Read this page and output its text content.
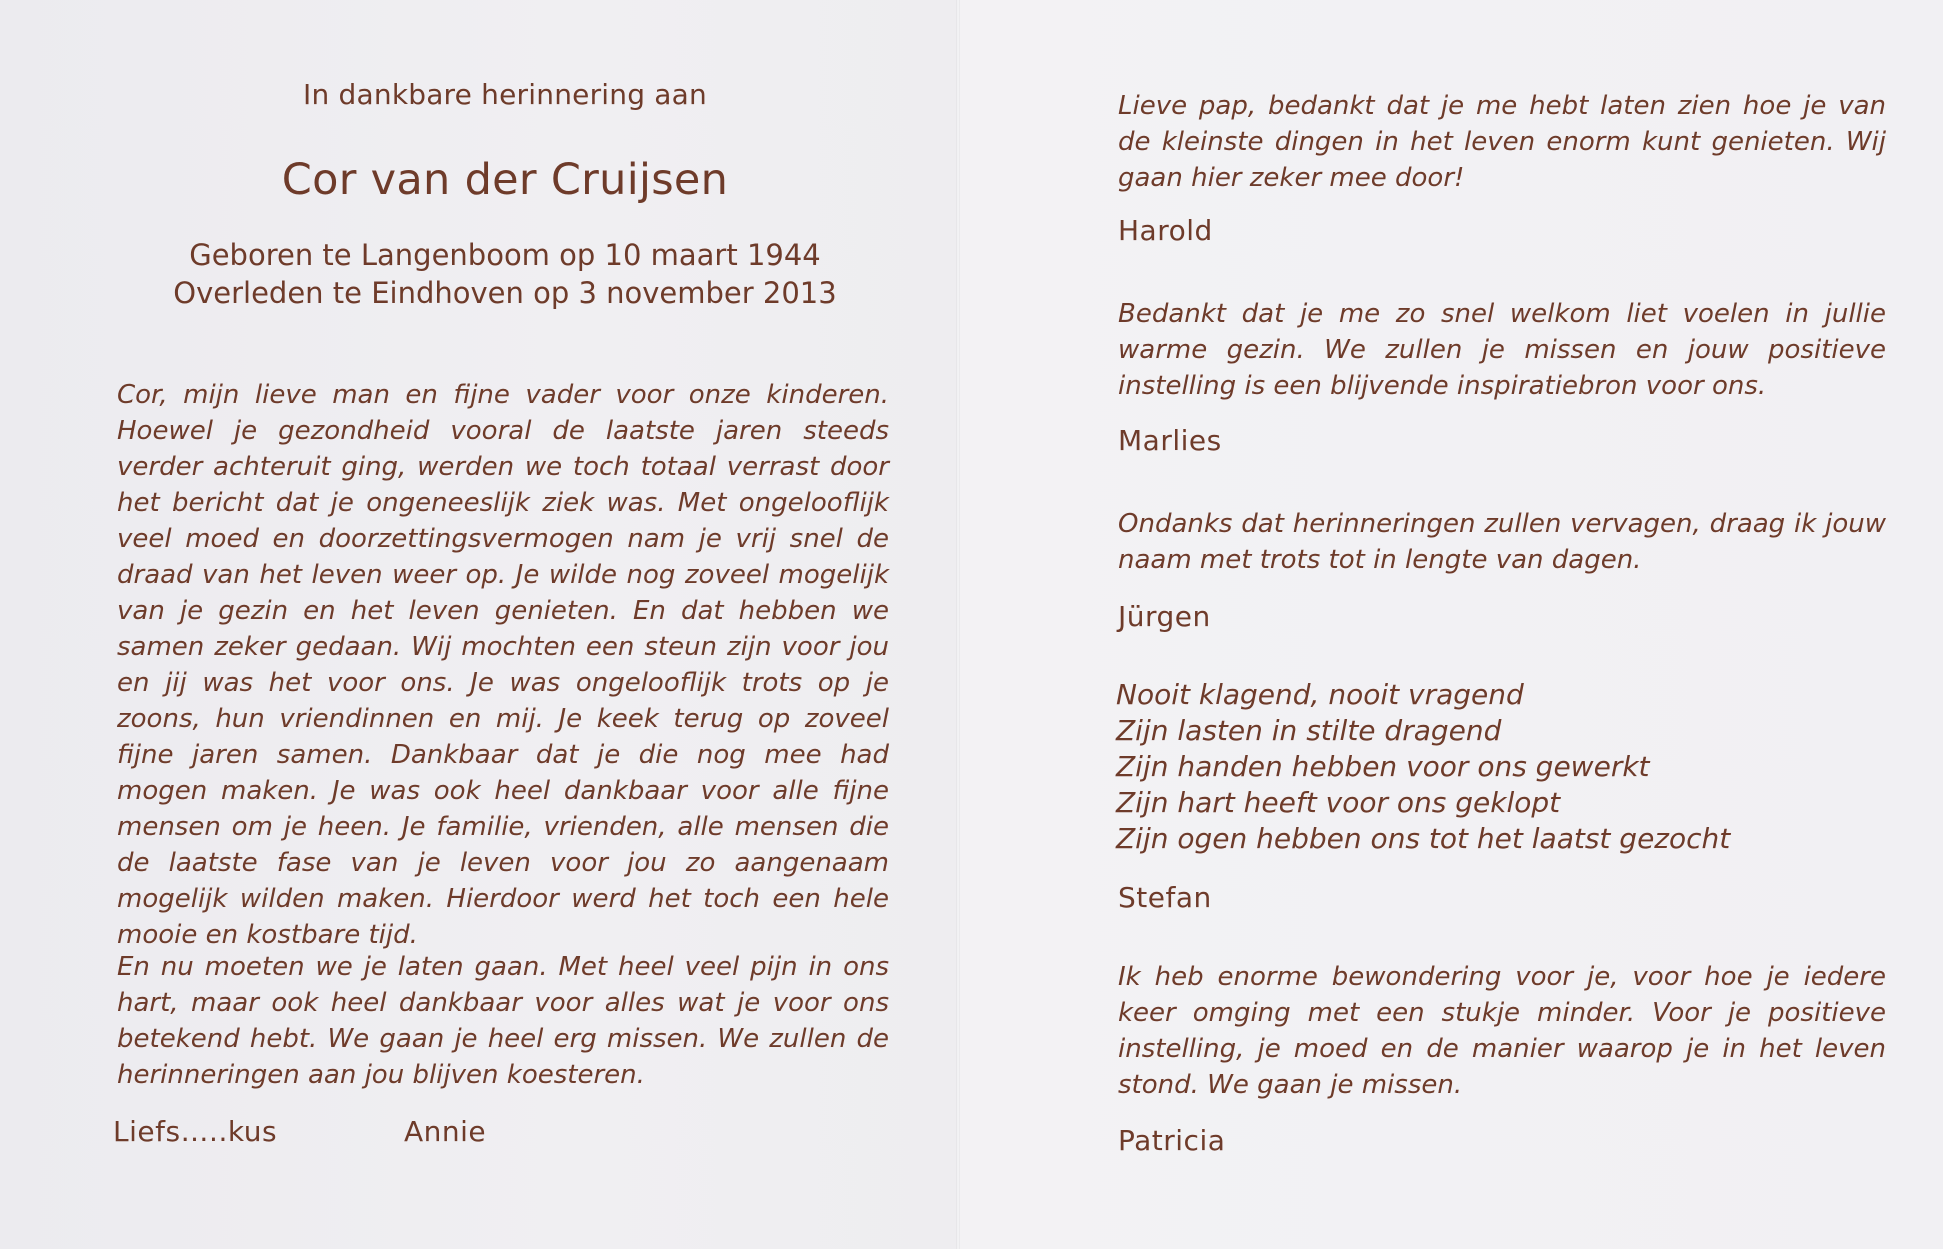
In dankbare herinnering aan
Cor van der Cruijsen
Geboren te Langenboom op 10 maart 1944
Overleden te Eindhoven op 3 november 2013
Cor, mijn lieve man en fijne vader voor onze kinderen. Hoewel je gezondheid vooral de laatste jaren steeds verder achteruit ging, werden we toch totaal verrast door het bericht dat je ongeneeslijk ziek was. Met ongelooflijk veel moed en doorzettingsvermogen nam je vrij snel de draad van het leven weer op. Je wilde nog zoveel mogelijk van je gezin en het leven genieten. En dat hebben we samen zeker gedaan. Wij mochten een steun zijn voor jou en jij was het voor ons. Je was ongelooflijk trots op je zoons, hun vriendinnen en mij. Je keek terug op zoveel fijne jaren samen. Dankbaar dat je die nog mee had mogen maken. Je was ook heel dankbaar voor alle fijne mensen om je heen. Je familie, vrienden, alle mensen die de laatste fase van je leven voor jou zo aangenaam mogelijk wilden maken. Hierdoor werd het toch een hele mooie en kostbare tijd.
En nu moeten we je laten gaan. Met heel veel pijn in ons hart, maar ook heel dankbaar voor alles wat je voor ons betekend hebt. We gaan je heel erg missen. We zullen de herinneringen aan jou blijven koesteren.
Liefs…..kus	Annie
Lieve pap, bedankt dat je me hebt laten zien hoe je van de kleinste dingen in het leven enorm kunt genieten. Wij gaan hier zeker mee door!
Harold
Bedankt dat je me zo snel welkom liet voelen in jullie warme gezin. We zullen je missen en jouw positieve instelling is een blijvende inspiratiebron voor ons.
Marlies
Ondanks dat herinneringen zullen vervagen, draag ik jouw naam met trots tot in lengte van dagen.
Jürgen
Nooit klagend, nooit vragend
Zijn lasten in stilte dragend
Zijn handen hebben voor ons gewerkt
Zijn hart heeft voor ons geklopt
Zijn ogen hebben ons tot het laatst gezocht
Stefan
Ik heb enorme bewondering voor je, voor hoe je iedere keer omging met een stukje minder. Voor je positieve instelling, je moed en de manier waarop je in het leven stond. We gaan je missen.
Patricia
